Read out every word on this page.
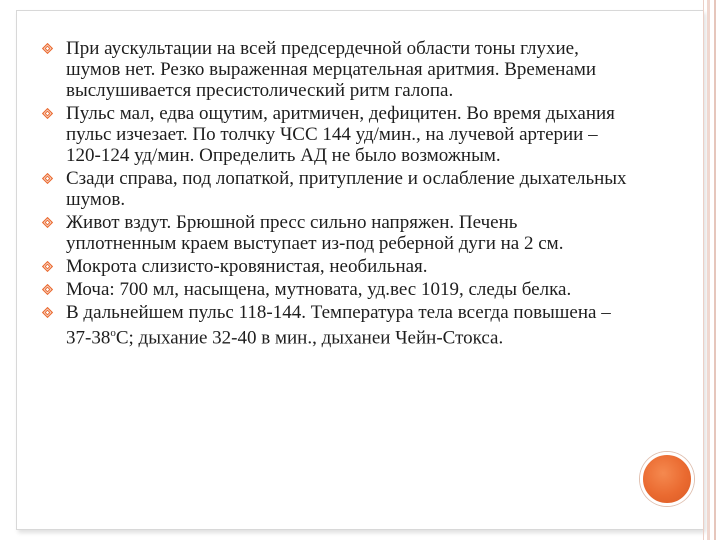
При аускультации на всей предсердечной области тоны глухие, шумов нет. Резко выраженная мерцательная аритмия. Временами выслушивается пресистолический ритм галопа.
Пульс мал, едва ощутим, аритмичен, дефицитен. Во время дыхания пульс изчезает. По толчку ЧСС 144 уд/мин., на лучевой артерии – 120-124 уд/мин. Определить АД не было возможным.
Сзади справа, под лопаткой, притупление и ослабление дыхательных шумов.
Живот вздут. Брюшной пресс сильно напряжен. Печень уплотненным краем выступает из-под реберной дуги на 2 см.
Мокрота слизисто-кровянистая, необильная.
Моча: 700 мл, насыщена, мутновата, уд.вес 1019, следы белка.
В дальнейшем пульс 118-144. Температура тела всегда повышена – $37-38^оС$; дыхание 32-40 в мин., дыханеи Чейн-Стокса.
